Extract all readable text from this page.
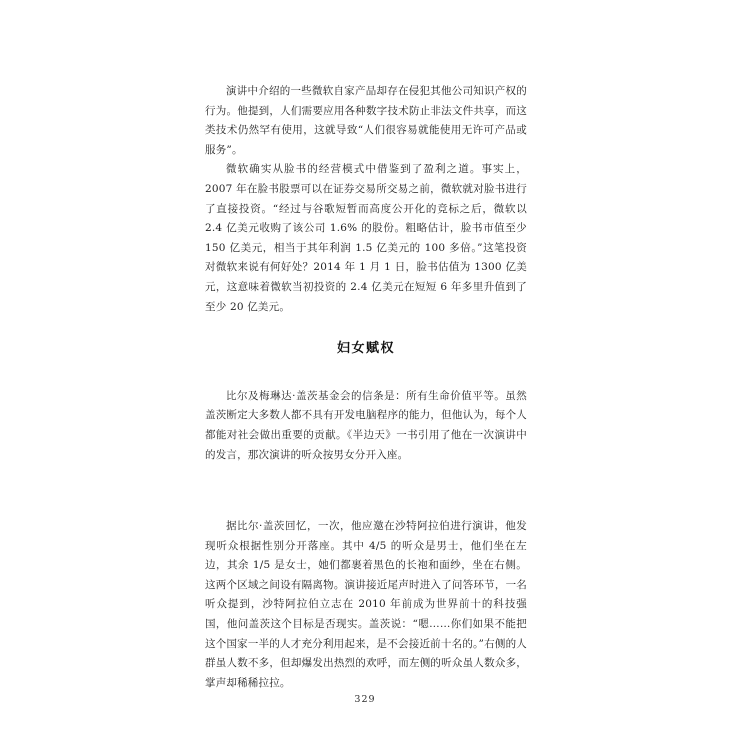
演讲中介绍的一些微软自家产品却存在侵犯其他公司知识产权的行为。他提到，人们需要应用各种数字技术防止非法文件共享，而这类技术仍然罕有使用，这就导致“人们很容易就能使用无许可产品或服务”。

微软确实从脸书的经营模式中借鉴到了盈利之道。事实上，2007 年在脸书股票可以在证券交易所交易之前，微软就对脸书进行了直接投资。“经过与谷歌短暂而高度公开化的竞标之后，微软以 2.4 亿美元收购了该公司 1.6% 的股份。粗略估计，脸书市值至少 150 亿美元，相当于其年利润 1.5 亿美元的 100 多倍。”这笔投资对微软来说有何好处？2014 年 1 月 1 日，脸书估值为 1300 亿美元，这意味着微软当初投资的 2.4 亿美元在短短 6 年多里升值到了至少 20 亿美元。

妇女赋权

比尔及梅琳达·盖茨基金会的信条是：所有生命价值平等。虽然盖茨断定大多数人都不具有开发电脑程序的能力，但他认为，每个人都能对社会做出重要的贡献。《半边天》一书引用了他在一次演讲中的发言，那次演讲的听众按男女分开入座。

据比尔·盖茨回忆，一次，他应邀在沙特阿拉伯进行演讲，他发现听众根据性别分开落座。其中 4/5 的听众是男士，他们坐在左边，其余 1/5 是女士，她们都裹着黑色的长袍和面纱，坐在右侧。这两个区域之间设有隔离物。演讲接近尾声时进入了问答环节，一名听众提到，沙特阿拉伯立志在 2010 年前成为世界前十的科技强国，他问盖茨这个目标是否现实。盖茨说：“嗯……你们如果不能把这个国家一半的人才充分利用起来，是不会接近前十名的。”右侧的人群虽人数不多，但却爆发出热烈的欢呼，而左侧的听众虽人数众多，掌声却稀稀拉拉。

329
